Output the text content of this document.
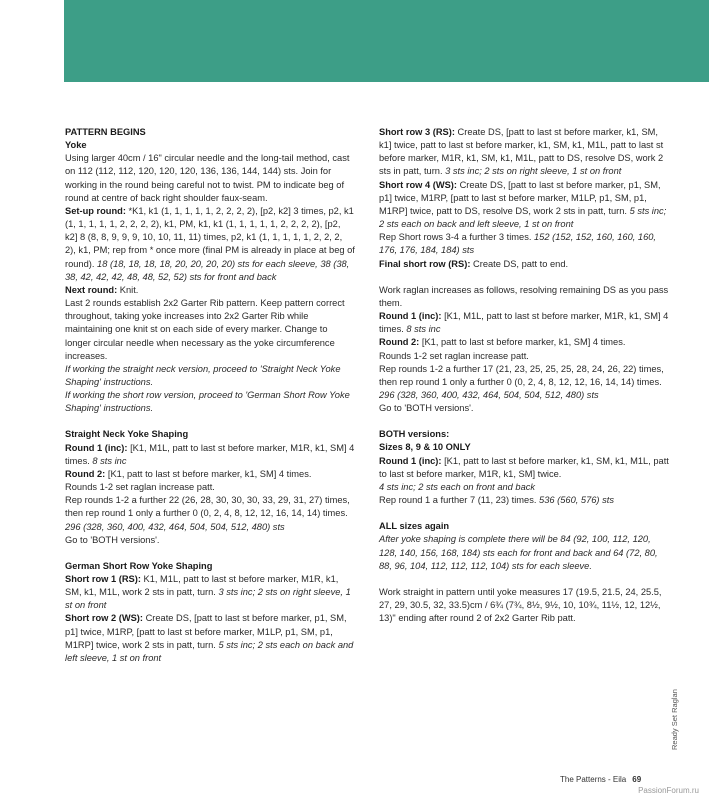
PATTERN BEGINS

Yoke

Using larger 40cm / 16" circular needle and the long-tail method, cast on 112 (112, 112, 120, 120, 120, 136, 136, 144, 144) sts. Join for working in the round being careful not to twist. PM to indicate beg of round at centre of back right shoulder faux-seam.

Set-up round: *K1, k1 (1, 1, 1, 1, 1, 2, 2, 2, 2), [p2, k2] 3 times, p2, k1 (1, 1, 1, 1, 1, 2, 2, 2, 2), k1, PM, k1, k1 (1, 1, 1, 1, 1, 2, 2, 2, 2), [p2, k2] 8 (8, 8, 9, 9, 9, 10, 10, 11, 11) times, p2, k1 (1, 1, 1, 1, 1, 2, 2, 2, 2), k1, PM; rep from * once more (final PM is already in place at beg of round). 18 (18, 18, 18, 18, 20, 20, 20, 20) sts for each sleeve, 38 (38, 38, 42, 42, 42, 48, 48, 52, 52) sts for front and back

Next round: Knit.

Last 2 rounds establish 2x2 Garter Rib pattern. Keep pattern correct throughout, taking yoke increases into 2x2 Garter Rib while maintaining one knit st on each side of every marker. Change to longer circular needle when necessary as the yoke circumference increases.

If working the straight neck version, proceed to 'Straight Neck Yoke Shaping' instructions.

If working the short row version, proceed to 'German Short Row Yoke Shaping' instructions.

Straight Neck Yoke Shaping

Round 1 (inc): [K1, M1L, patt to last st before marker, M1R, k1, SM] 4 times. 8 sts inc

Round 2: [K1, patt to last st before marker, k1, SM] 4 times.

Rounds 1-2 set raglan increase patt.

Rep rounds 1-2 a further 22 (26, 28, 30, 30, 30, 33, 29, 31, 27) times, then rep round 1 only a further 0 (0, 2, 4, 8, 12, 12, 16, 14, 14) times. 296 (328, 360, 400, 432, 464, 504, 504, 512, 480) sts

Go to 'BOTH versions'.

German Short Row Yoke Shaping

Short row 1 (RS): K1, M1L, patt to last st before marker, M1R, k1, SM, k1, M1L, work 2 sts in patt, turn. 3 sts inc; 2 sts on right sleeve, 1 st on front

Short row 2 (WS): Create DS, [patt to last st before marker, p1, SM, p1] twice, M1RP, [patt to last st before marker, M1LP, p1, SM, p1, M1RP] twice, work 2 sts in patt, turn. 5 sts inc; 2 sts each on back and left sleeve, 1 st on front

Short row 3 (RS): Create DS, [patt to last st before marker, k1, SM, k1] twice, patt to last st before marker, k1, SM, k1, M1L, patt to last st before marker, M1R, k1, SM, k1, M1L, patt to DS, resolve DS, work 2 sts in patt, turn. 3 sts inc; 2 sts on right sleeve, 1 st on front

Short row 4 (WS): Create DS, [patt to last st before marker, p1, SM, p1] twice, M1RP, [patt to last st before marker, M1LP, p1, SM, p1, M1RP] twice, patt to DS, resolve DS, work 2 sts in patt, turn. 5 sts inc; 2 sts each on back and left sleeve, 1 st on front

Rep Short rows 3-4 a further 3 times. 152 (152, 152, 160, 160, 160, 176, 176, 184, 184) sts

Final short row (RS): Create DS, patt to end.

Work raglan increases as follows, resolving remaining DS as you pass them.

Round 1 (inc): [K1, M1L, patt to last st before marker, M1R, k1, SM] 4 times. 8 sts inc

Round 2: [K1, patt to last st before marker, k1, SM] 4 times.

Rounds 1-2 set raglan increase patt.

Rep rounds 1-2 a further 17 (21, 23, 25, 25, 25, 28, 24, 26, 22) times, then rep round 1 only a further 0 (0, 2, 4, 8, 12, 12, 16, 14, 14) times. 296 (328, 360, 400, 432, 464, 504, 504, 512, 480) sts

Go to 'BOTH versions'.

BOTH versions:

Sizes 8, 9 & 10 ONLY

Round 1 (inc): [K1, patt to last st before marker, k1, SM, k1, M1L, patt to last st before marker, M1R, k1, SM] twice.

4 sts inc; 2 sts each on front and back

Rep round 1 a further 7 (11, 23) times. 536 (560, 576) sts

ALL sizes again

After yoke shaping is complete there will be 84 (92, 100, 112, 120, 128, 140, 156, 168, 184) sts each for front and back and 64 (72, 80, 88, 96, 104, 112, 112, 112, 104) sts for each sleeve.

Work straight in pattern until yoke measures 17 (19.5, 21.5, 24, 25.5, 27, 29, 30.5, 32, 33.5)cm / 6¾ (7¾, 8½, 9½, 10, 10¾, 11½, 12, 12½, 13)" ending after round 2 of 2x2 Garter Rib patt.

Ready Set Raglan
The Patterns - Eila 69
PassionForum.ru
